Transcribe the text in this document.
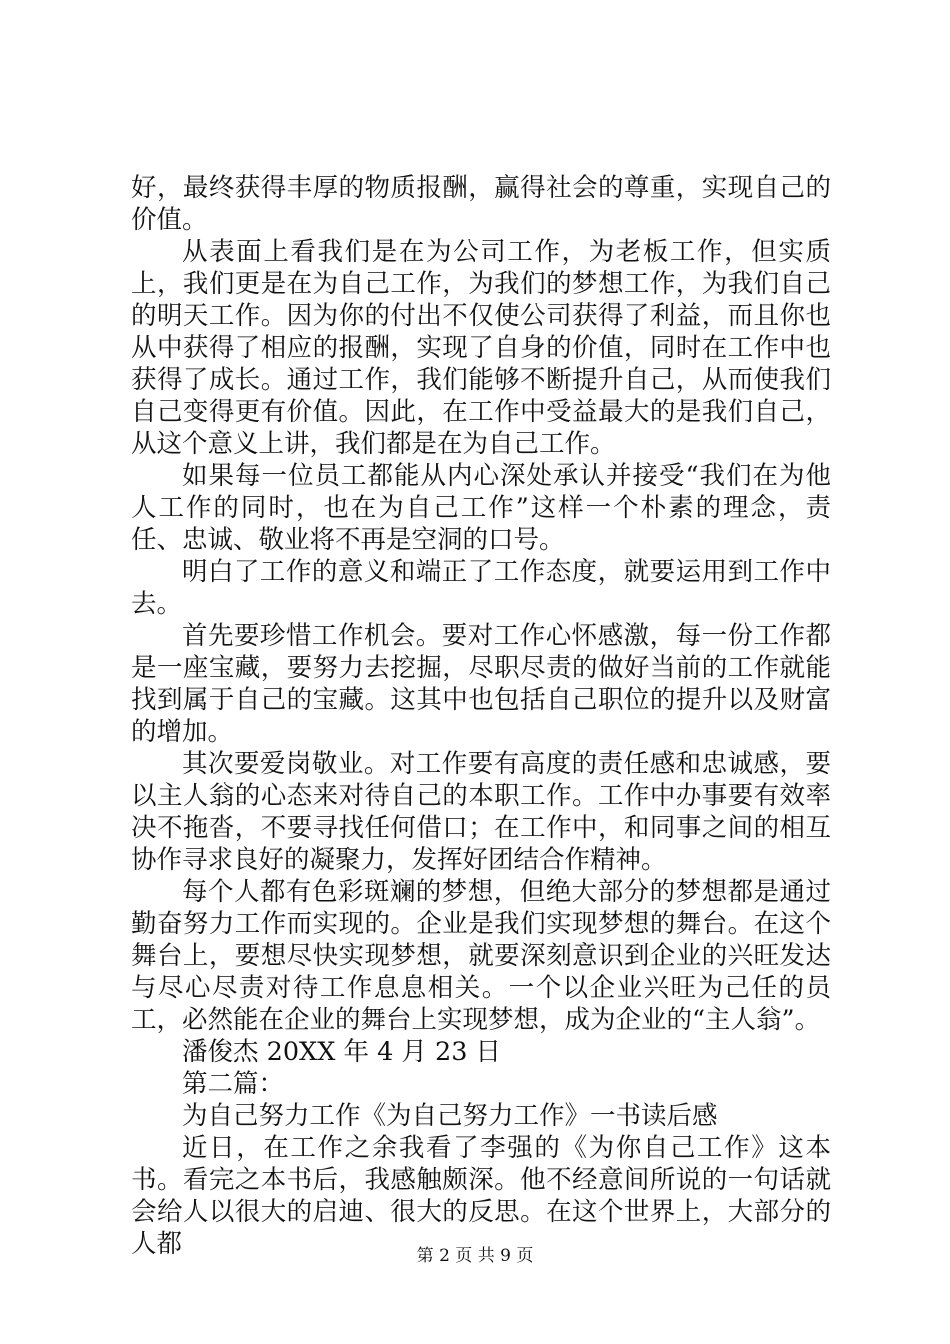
好，最终获得丰厚的物质报酬，赢得社会的尊重，实现自己的价值。

从表面上看我们是在为公司工作，为老板工作，但实质上，我们更是在为自己工作，为我们的梦想工作，为我们自己的明天工作。因为你的付出不仅使公司获得了利益，而且你也从中获得了相应的报酬，实现了自身的价值，同时在工作中也获得了成长。通过工作，我们能够不断提升自己，从而使我们自己变得更有价值。因此，在工作中受益最大的是我们自己，从这个意义上讲，我们都是在为自己工作。

如果每一位员工都能从内心深处承认并接受“我们在为他人工作的同时，也在为自己工作”这样一个朴素的理念，责任、忠诚、敬业将不再是空洞的口号。

明白了工作的意义和端正了工作态度，就要运用到工作中去。

首先要珍惜工作机会。要对工作心怀感激，每一份工作都是一座宝藏，要努力去挖掘，尽职尽责的做好当前的工作就能找到属于自己的宝藏。这其中也包括自己职位的提升以及财富的增加。

其次要爱岗敬业。对工作要有高度的责任感和忠诚感，要以主人翁的心态来对待自己的本职工作。工作中办事要有效率决不拖沓，不要寻找任何借口；在工作中，和同事之间的相互协作寻求良好的凝聚力，发挥好团结合作精神。

每个人都有色彩斑斓的梦想，但绝大部分的梦想都是通过勤奋努力工作而实现的。企业是我们实现梦想的舞台。在这个舞台上，要想尽快实现梦想，就要深刻意识到企业的兴旺发达与尽心尽责对待工作息息相关。一个以企业兴旺为己任的员工，必然能在企业的舞台上实现梦想，成为企业的“主人翁”。

潘俊杰 20XX 年 4 月 23 日

第二篇：

为自己努力工作《为自己努力工作》一书读后感

近日，在工作之余我看了李强的《为你自己工作》这本书。看完之本书后，我感触颇深。他不经意间所说的一句话就会给人以很大的启迪、很大的反思。在这个世界上，大部分的人都	第 2 页 共 9 页
